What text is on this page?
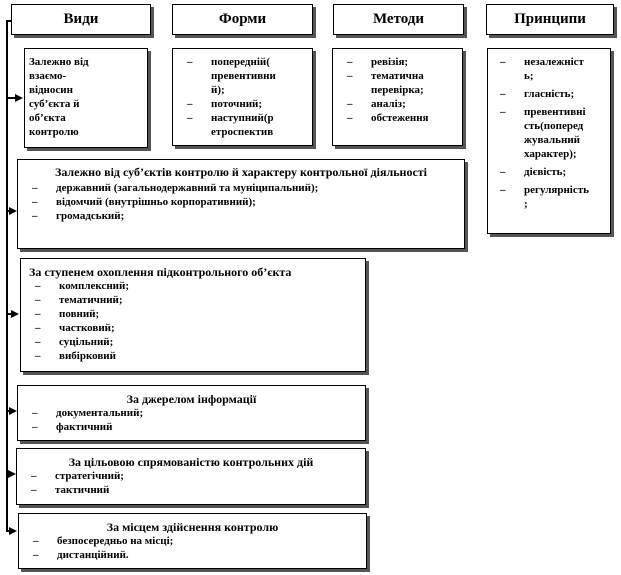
Види	Форми	Методи	Принципи
Залежно від
взаємо-
відносин
суб’єкта й
об’єкта
контролю
– попередній(
превентивни
й);
– поточний;
– наступний(р
етроспектив
– ревізія;
– тематична
перевірка;
– аналіз;
– обстеження
– незалежніст
ь;
– гласність;
– превентивні
сть(поперед
жувальний
характер);
– дієвість;
– регулярність
;
Залежно від суб’єктів контролю й характеру контрольної діяльності
– державний (загальнодержавний та муніципальний);
– відомчий (внутрішньо корпоративний);
– громадський;
За ступенем охоплення підконтрольного об’єкта
– комплексний;
– тематичний;
– повний;
– частковий;
– суцільний;
– вибірковий
За джерелом інформації
– документальний;
– фактичний
За цільовою спрямованістю контрольних дій
– стратегічний;
– тактичний
За місцем здійснення контролю
– безпосередньо на місці;
– дистанційний.
